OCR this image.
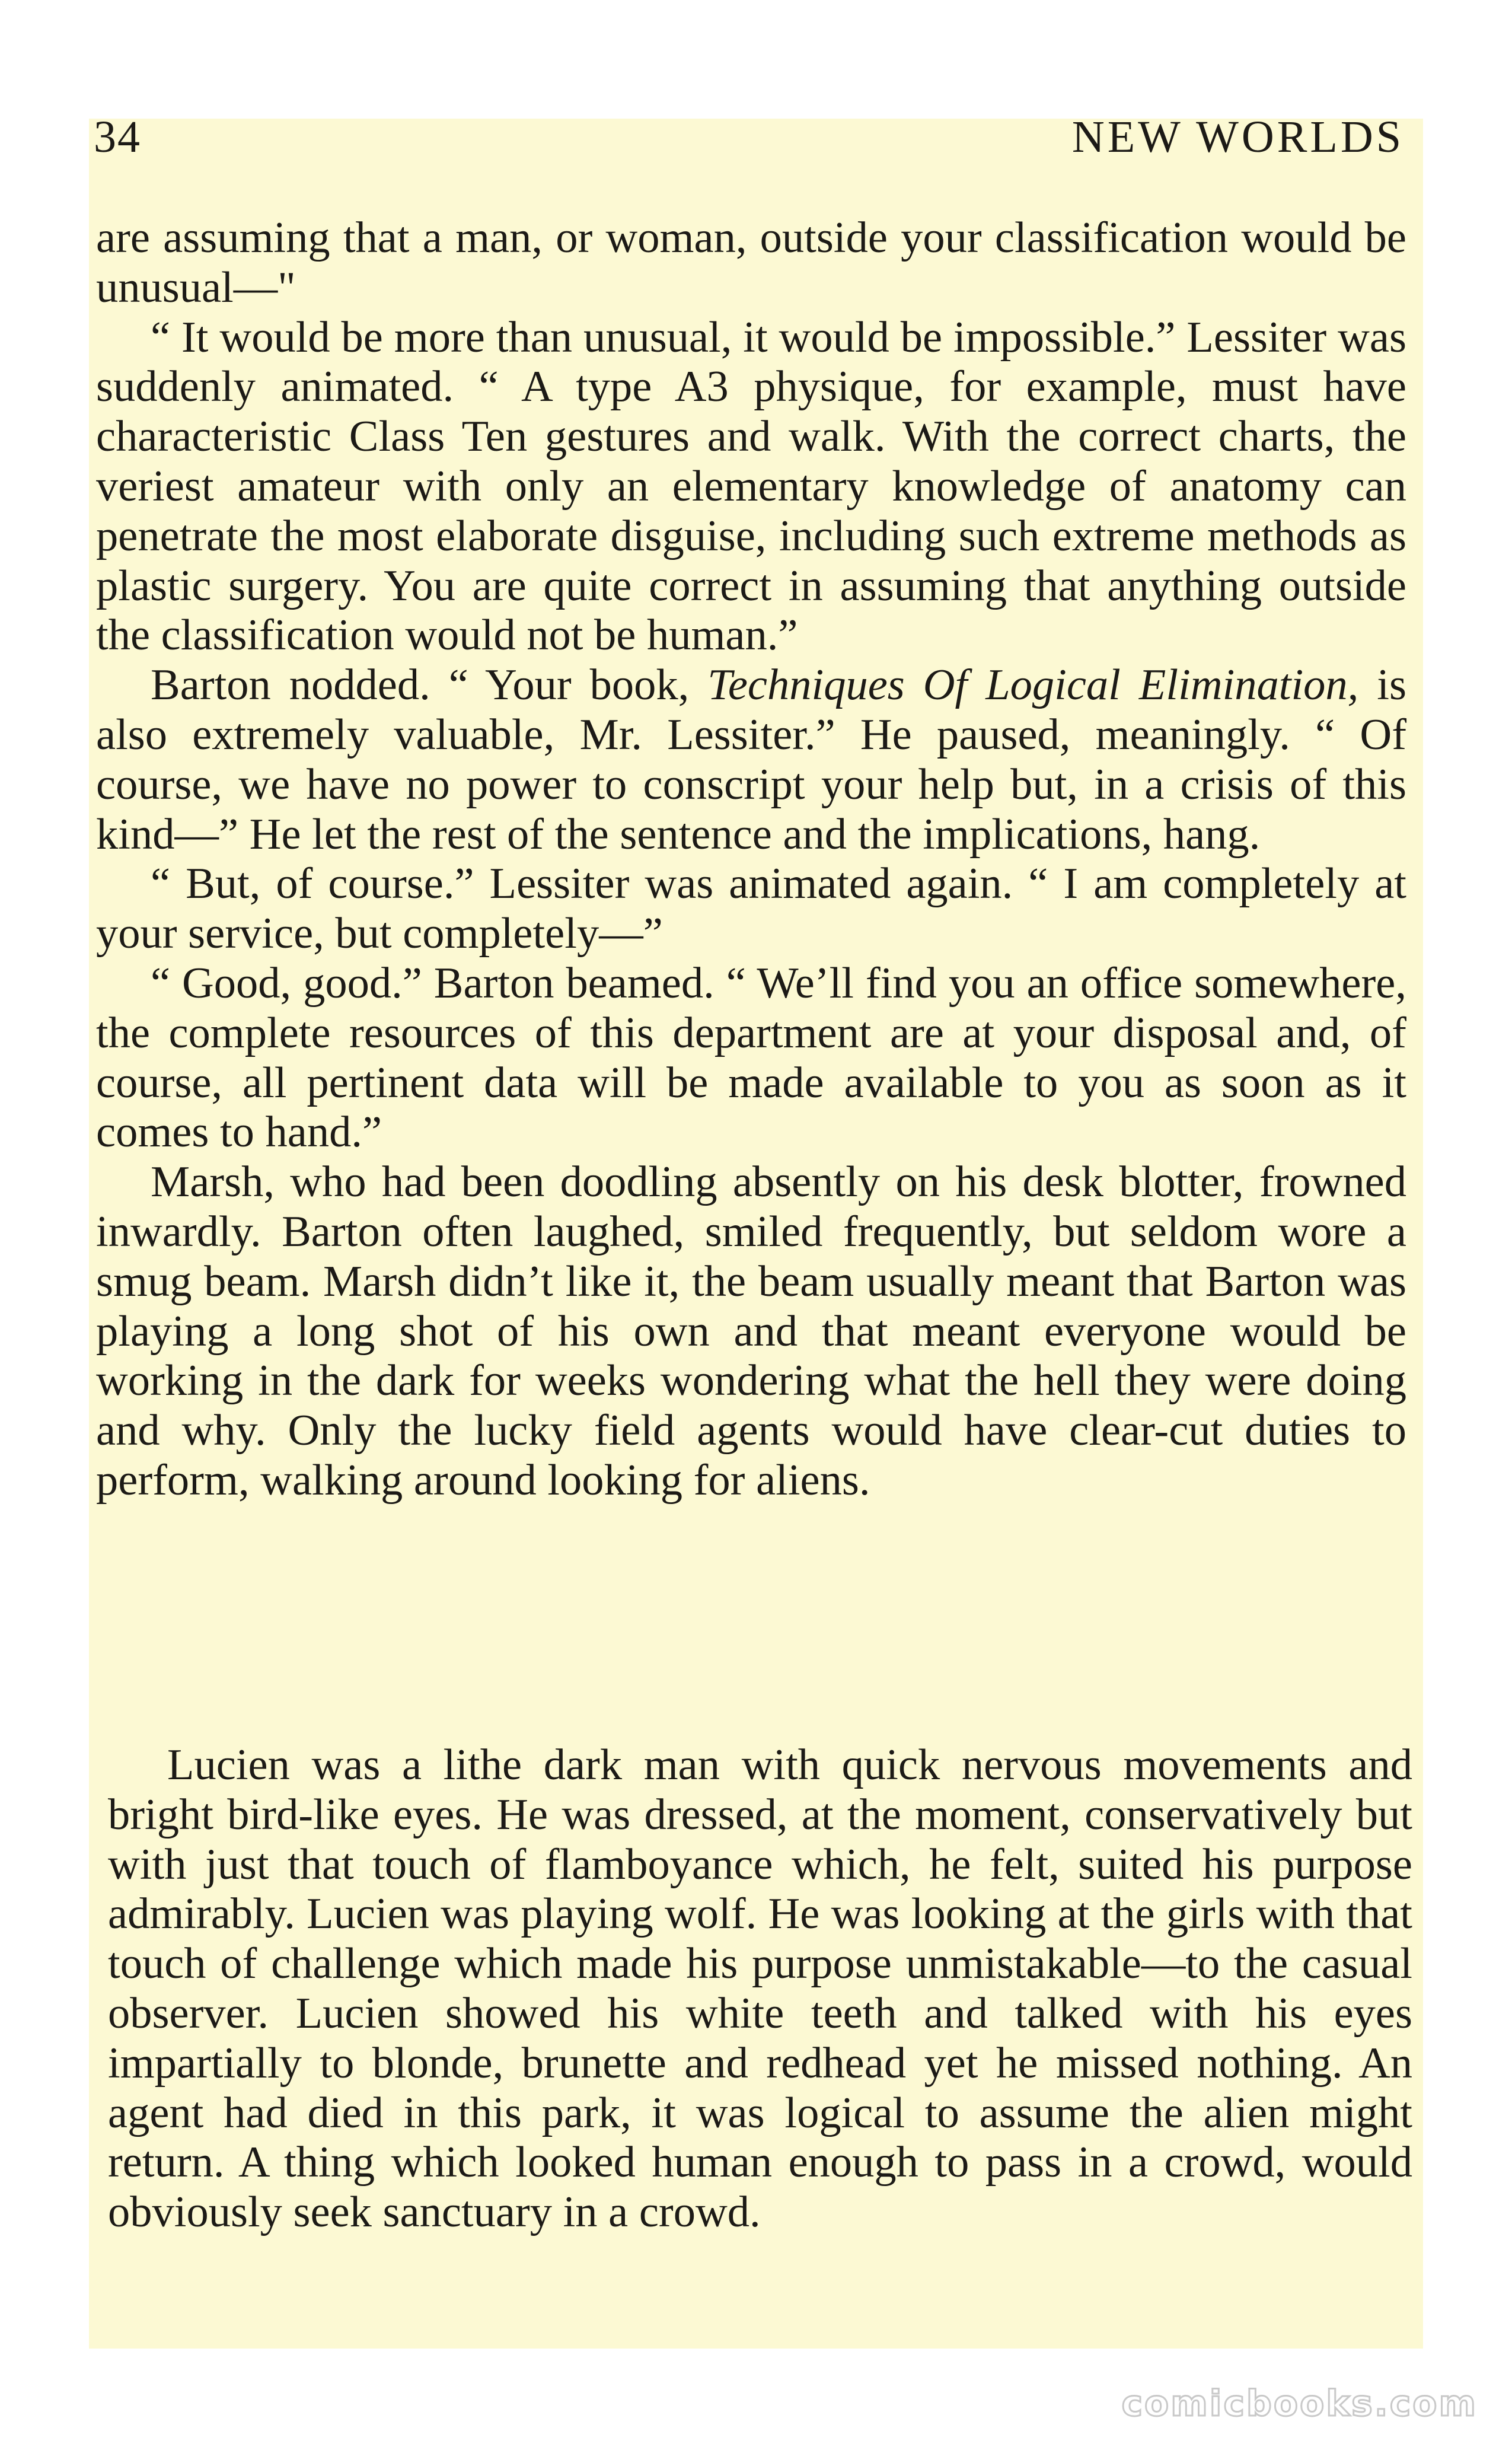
34	NEW WORLDS

are assuming that a man, or woman, outside your classification would be unusual—"

“ It would be more than unusual, it would be impossible.” Lessiter was suddenly animated. “ A type A3 physique, for example, must have characteristic Class Ten gestures and walk. With the correct charts, the veriest amateur with only an elementary knowledge of anatomy can penetrate the most elaborate disguise, including such extreme methods as plastic surgery. You are quite correct in assuming that anything outside the classification would not be human.”

Barton nodded. “ Your book, Techniques Of Logical Elimination, is also extremely valuable, Mr. Lessiter.” He paused, meaningly. “ Of course, we have no power to conscript your help but, in a crisis of this kind—” He let the rest of the sentence and the implications, hang.

“ But, of course.” Lessiter was animated again. “ I am completely at your service, but completely—”

“ Good, good.” Barton beamed. “ We’ll find you an office somewhere, the complete resources of this department are at your disposal and, of course, all pertinent data will be made available to you as soon as it comes to hand.”

Marsh, who had been doodling absently on his desk blotter, frowned inwardly. Barton often laughed, smiled frequently, but seldom wore a smug beam. Marsh didn’t like it, the beam usually meant that Barton was playing a long shot of his own and that meant everyone would be working in the dark for weeks wondering what the hell they were doing and why. Only the lucky field agents would have clear-cut duties to perform, walking around looking for aliens.

Lucien was a lithe dark man with quick nervous movements and bright bird-like eyes. He was dressed, at the moment, conservatively but with just that touch of flamboyance which, he felt, suited his purpose admirably. Lucien was playing wolf. He was looking at the girls with that touch of challenge which made his purpose unmistakable—to the casual observer. Lucien showed his white teeth and talked with his eyes impartially to blonde, brunette and redhead yet he missed nothing. An agent had died in this park, it was logical to assume the alien might return. A thing which looked human enough to pass in a crowd, would obviously seek sanctuary in a crowd.

comicbooks.com
